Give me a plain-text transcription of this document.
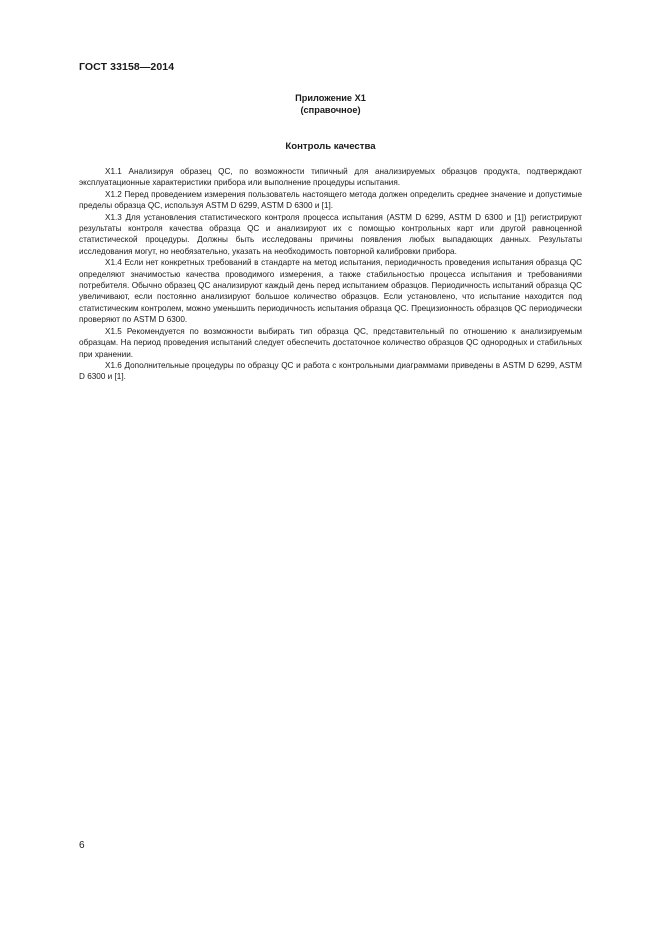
ГОСТ 33158—2014
Приложение Х1
(справочное)
Контроль качества

Х1.1 Анализируя образец QC, по возможности типичный для анализируемых образцов продукта, подтверждают эксплуатационные характеристики прибора или выполнение процедуры испытания.

Х1.2 Перед проведением измерения пользователь настоящего метода должен определить среднее значение и допустимые пределы образца QC, используя ASTM D 6299, ASTM D 6300 и [1].

Х1.3 Для установления статистического контроля процесса испытания (ASTM D 6299, ASTM D 6300 и [1]) регистрируют результаты контроля качества образца QC и анализируют их с помощью контрольных карт или другой равноценной статистической процедуры. Должны быть исследованы причины появления любых выпадающих данных. Результаты исследования могут, но необязательно, указать на необходимость повторной калибровки прибора.

Х1.4 Если нет конкретных требований в стандарте на метод испытания, периодичность проведения испытания образца QC определяют значимостью качества проводимого измерения, а также стабильностью процесса испытания и требованиями потребителя. Обычно образец QC анализируют каждый день перед испытанием образцов. Периодичность испытаний образца QC увеличивают, если постоянно анализируют большое количество образцов. Если установлено, что испытание находится под статистическим контролем, можно уменьшить периодичность испытания образца QC. Прецизионность образцов QC периодически проверяют по ASTM D 6300.

Х1.5 Рекомендуется по возможности выбирать тип образца QC, представительный по отношению к анализируемым образцам. На период проведения испытаний следует обеспечить достаточное количество образцов QC однородных и стабильных при хранении.

Х1.6 Дополнительные процедуры по образцу QC и работа с контрольными диаграммами приведены в ASTM D 6299, ASTM D 6300 и [1].

6
